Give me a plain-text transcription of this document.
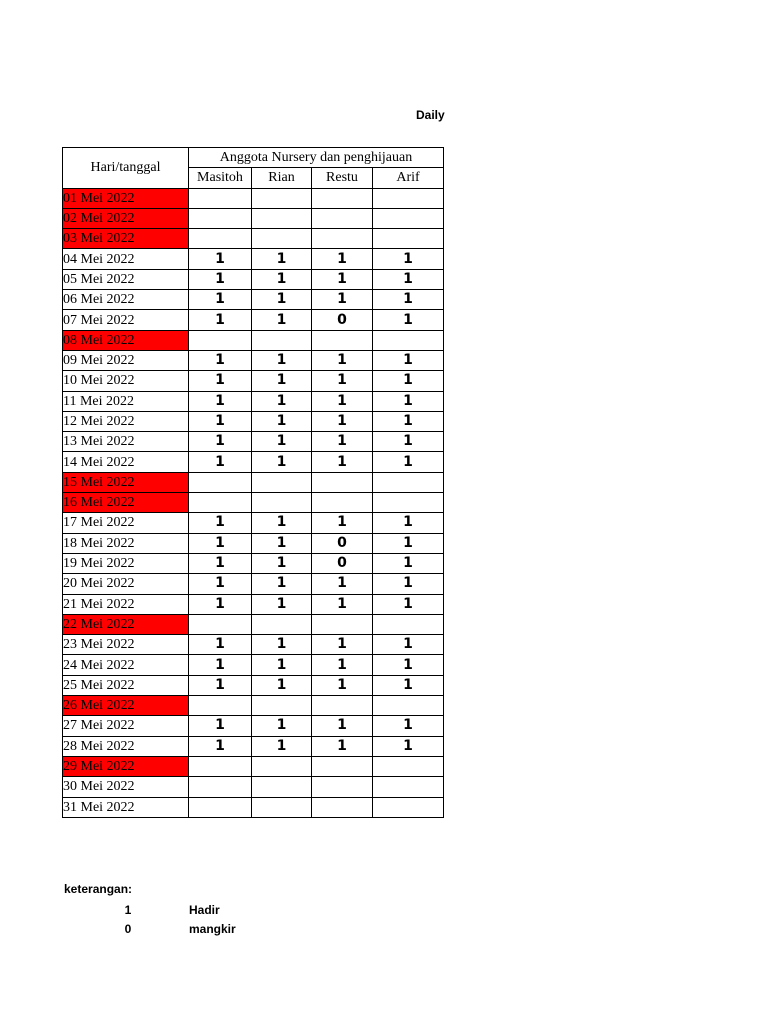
Daily
Hari/tanggal	Anggota Nursery dan penghijauan			
	Masitoh	Rian	Restu	Arif
01 Mei 2022				
02 Mei 2022				
03 Mei 2022				
04 Mei 2022	1	1	1	1
05 Mei 2022	1	1	1	1
06 Mei 2022	1	1	1	1
07 Mei 2022	1	1	0	1
08 Mei 2022				
09 Mei 2022	1	1	1	1
10 Mei 2022	1	1	1	1
11 Mei 2022	1	1	1	1
12 Mei 2022	1	1	1	1
13 Mei 2022	1	1	1	1
14 Mei 2022	1	1	1	1
15 Mei 2022				
16 Mei 2022				
17 Mei 2022	1	1	1	1
18 Mei 2022	1	1	0	1
19 Mei 2022	1	1	0	1
20 Mei 2022	1	1	1	1
21 Mei 2022	1	1	1	1
22 Mei 2022				
23 Mei 2022	1	1	1	1
24 Mei 2022	1	1	1	1
25 Mei 2022	1	1	1	1
26 Mei 2022				
27 Mei 2022	1	1	1	1
28 Mei 2022	1	1	1	1
29 Mei 2022				
30 Mei 2022				
31 Mei 2022				
keterangan:
1	Hadir
0	mangkir
